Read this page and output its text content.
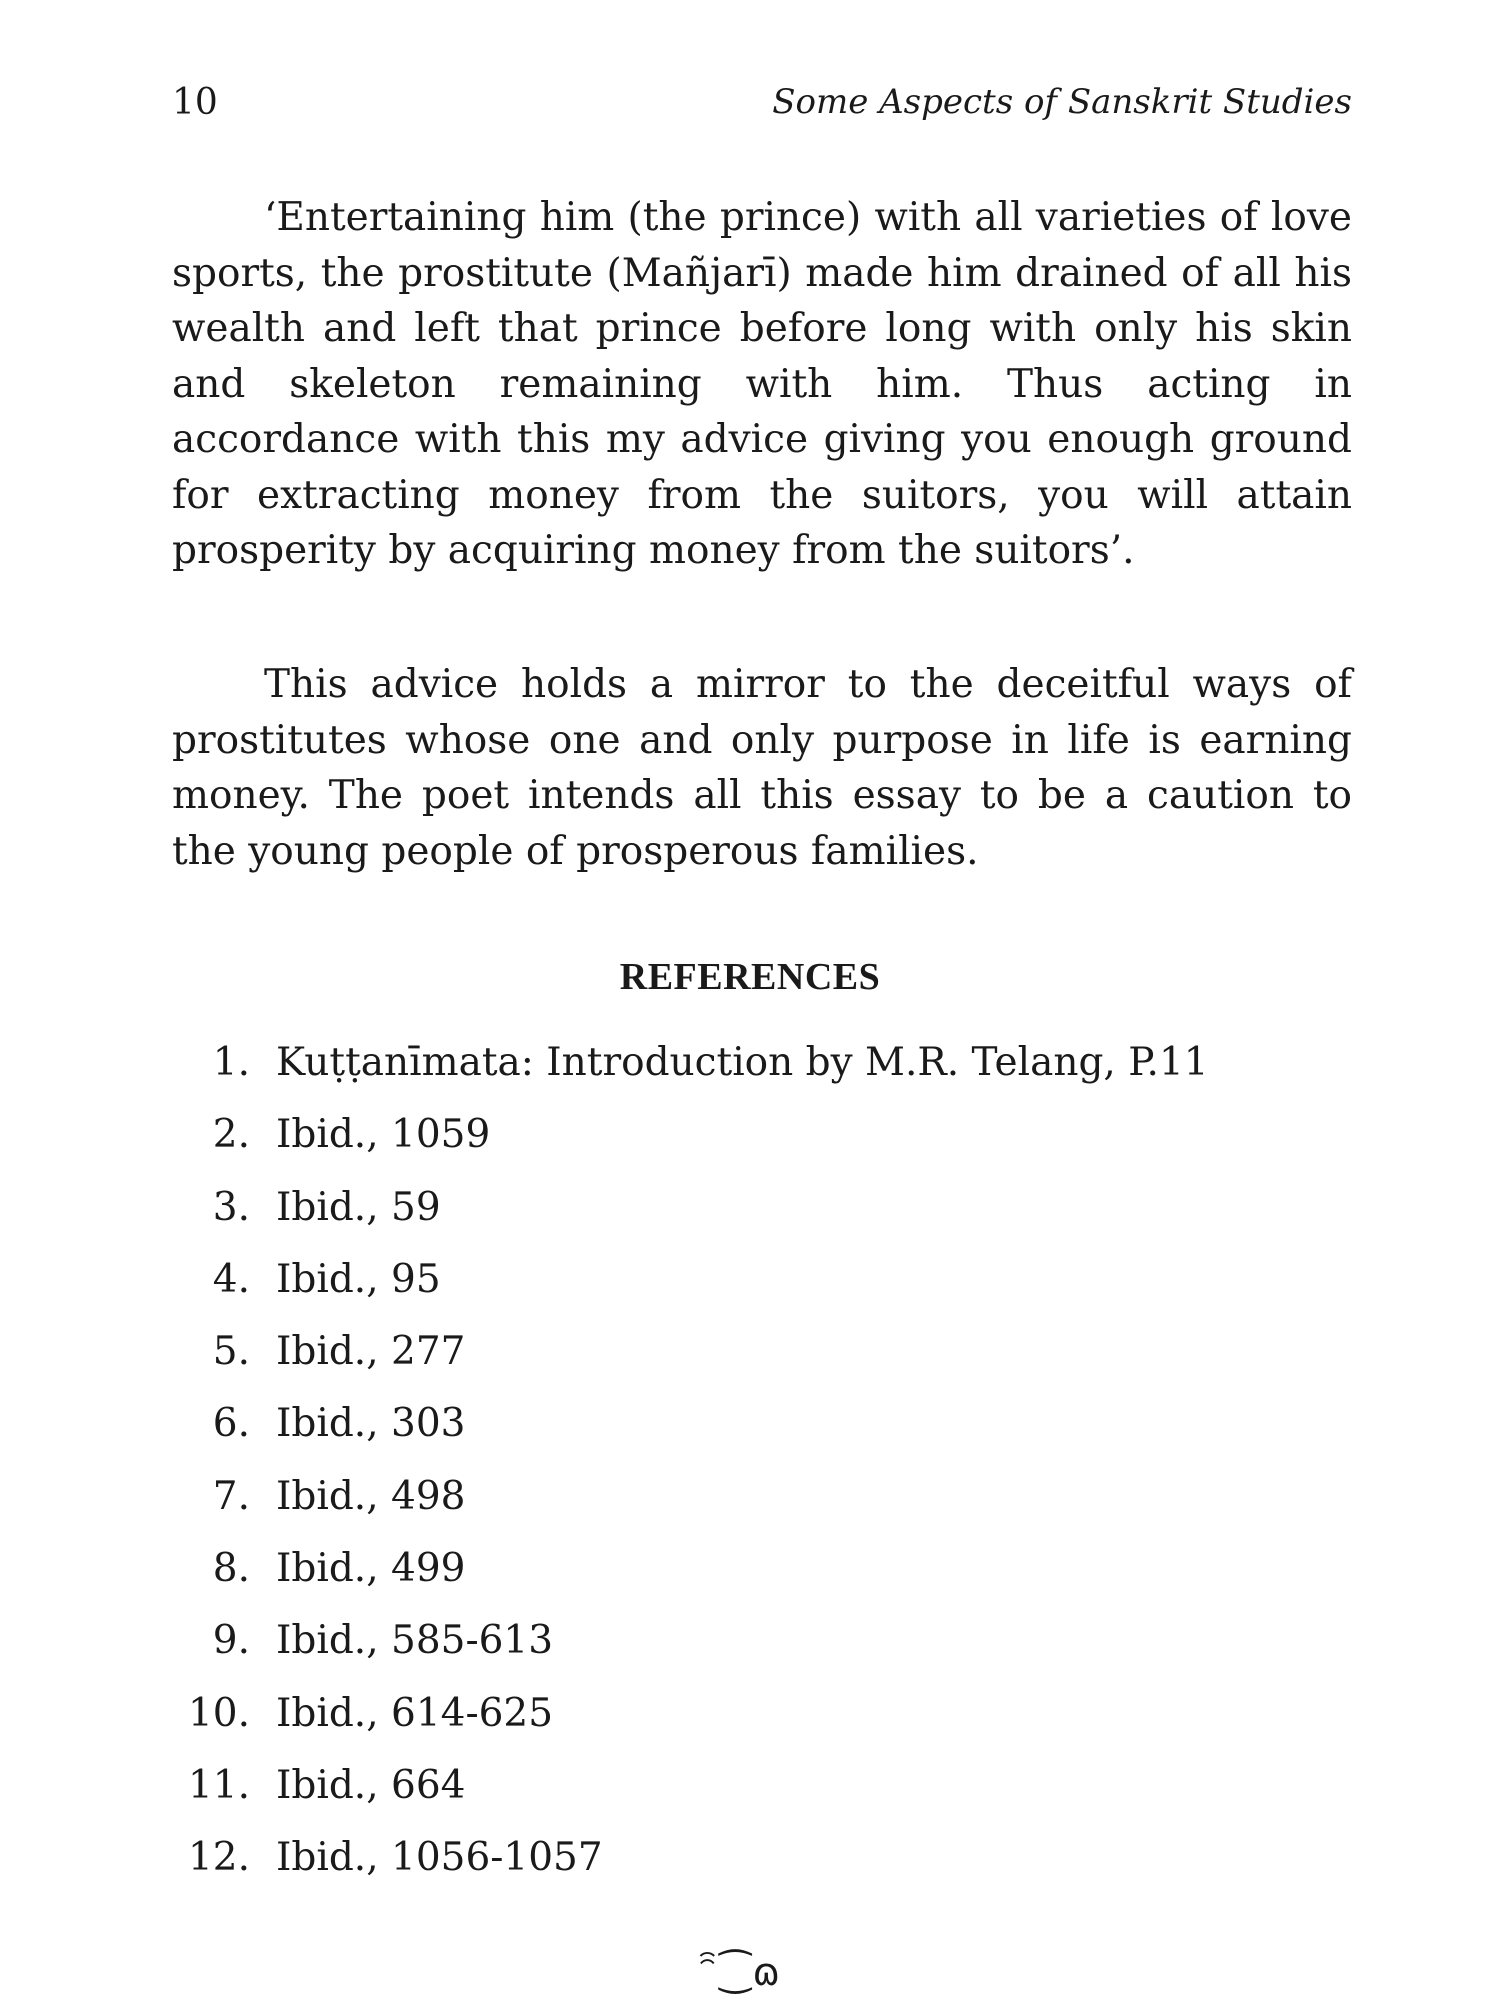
10	Some Aspects of Sanskrit Studies

‘Entertaining him (the prince) with all varieties of love sports, the prostitute (Mañjarī) made him drained of all his wealth and left that prince before long with only his skin and skeleton remaining with him. Thus acting in accordance with this my advice giving you enough ground for extracting money from the suitors, you will attain prosperity by acquiring money from the suitors’.

This advice holds a mirror to the deceitful ways of prostitutes whose one and only purpose in life is earning money. The poet intends all this essay to be a caution to the young people of prosperous families.

REFERENCES
1. Kuṭṭanīmata: Introduction by M.R. Telang, P.11
2. Ibid., 1059
3. Ibid., 59
4. Ibid., 95
5. Ibid., 277
6. Ibid., 303
7. Ibid., 498
8. Ibid., 499
9. Ibid., 585-613
10. Ibid., 614-625
11. Ibid., 664
12. Ibid., 1056-1057
ꩰ⁐ɷ
